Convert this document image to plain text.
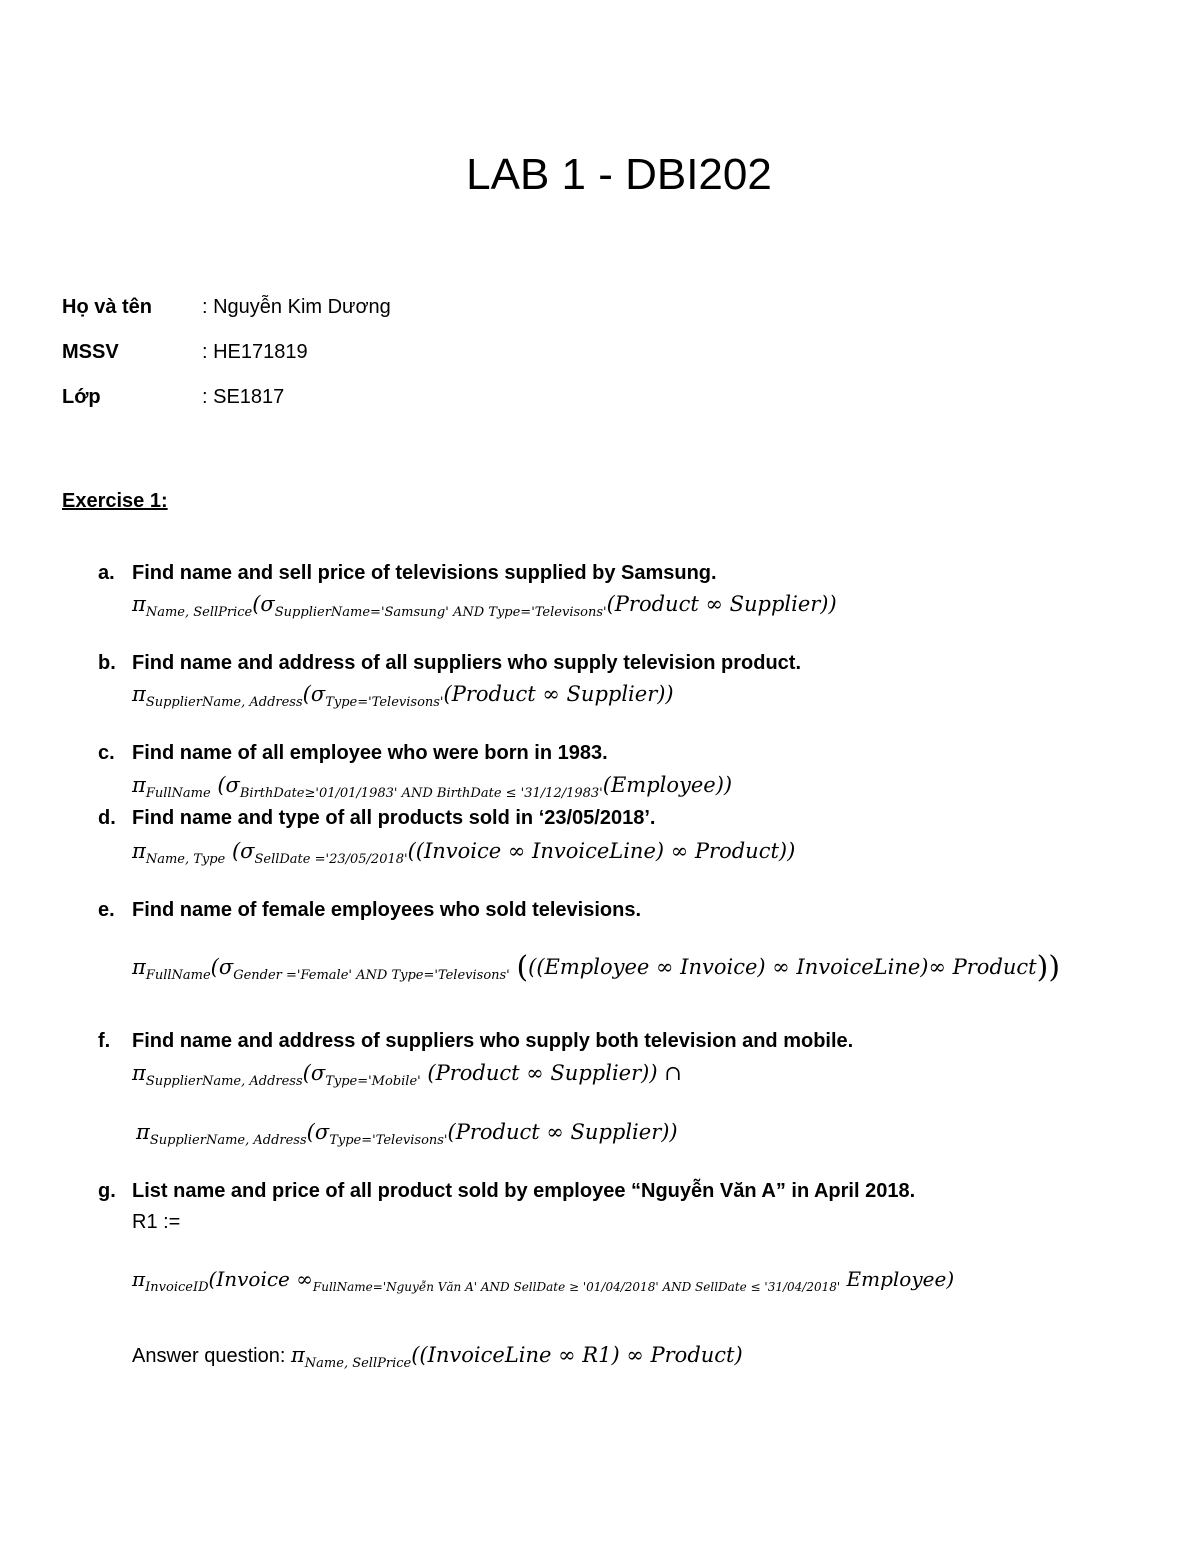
LAB 1 - DBI202
Họ và tên : Nguyễn Kim Dương
MSSV	: HE171819
Lớp	: SE1817
Exercise 1:
a. Find name and sell price of televisions supplied by Samsung.
$\pi_{Name, SellPrice}(\sigma_{SupplierName='Samsung' AND Type='Televisons'}(Product$ ∞ Supplier))
b. Find name and address of all suppliers who supply television product.
$\pi_{SupplierName, Address}(\sigma_{Type='Televisons'}(Product$ ∞ Supplier))
c. Find name of all employee who were born in 1983.
$\pi_{FullName}$ $(\sigma_{BirthDate\ge'01/01/1983' AND BirthDate \le '31/12/1983'}(Employee))$
d. Find name and type of all products sold in ‘23/05/2018’.
$\pi_{Name, Type}$ ($\sigma_{SellDate ='23/05/2018'}((Invoice$ ∞ InvoiceLine) ∞ Product))
e. Find name of female employees who sold televisions.
$\pi_{FullName}(\sigma_{Gender ='Female' AND Type='Televisons'}$ (((Employee ∞ Invoice) ∞ InvoiceLine)∞ Product))
f. Find name and address of suppliers who supply both television and mobile.
$\pi_{SupplierName, Address}(\sigma_{Type='Mobile'}$ (Product ∞ Supplier)) ∩
$\pi_{SupplierName, Address}(\sigma_{Type='Televisons'}(Product$ ∞ Supplier))
g. List name and price of all product sold by employee “Nguyễn Văn A” in April 2018.
R1 :=
$\pi_{InvoiceID}(Invoice$ $\infty_{FullName='Nguyễn Văn A' AND SellDate \ge '01/04/2018' AND SellDate \le '31/04/2018'}$ Employee)
Answer question: $\pi_{Name, SellPrice}((InvoiceLine$ ∞ R1) ∞ Product)
